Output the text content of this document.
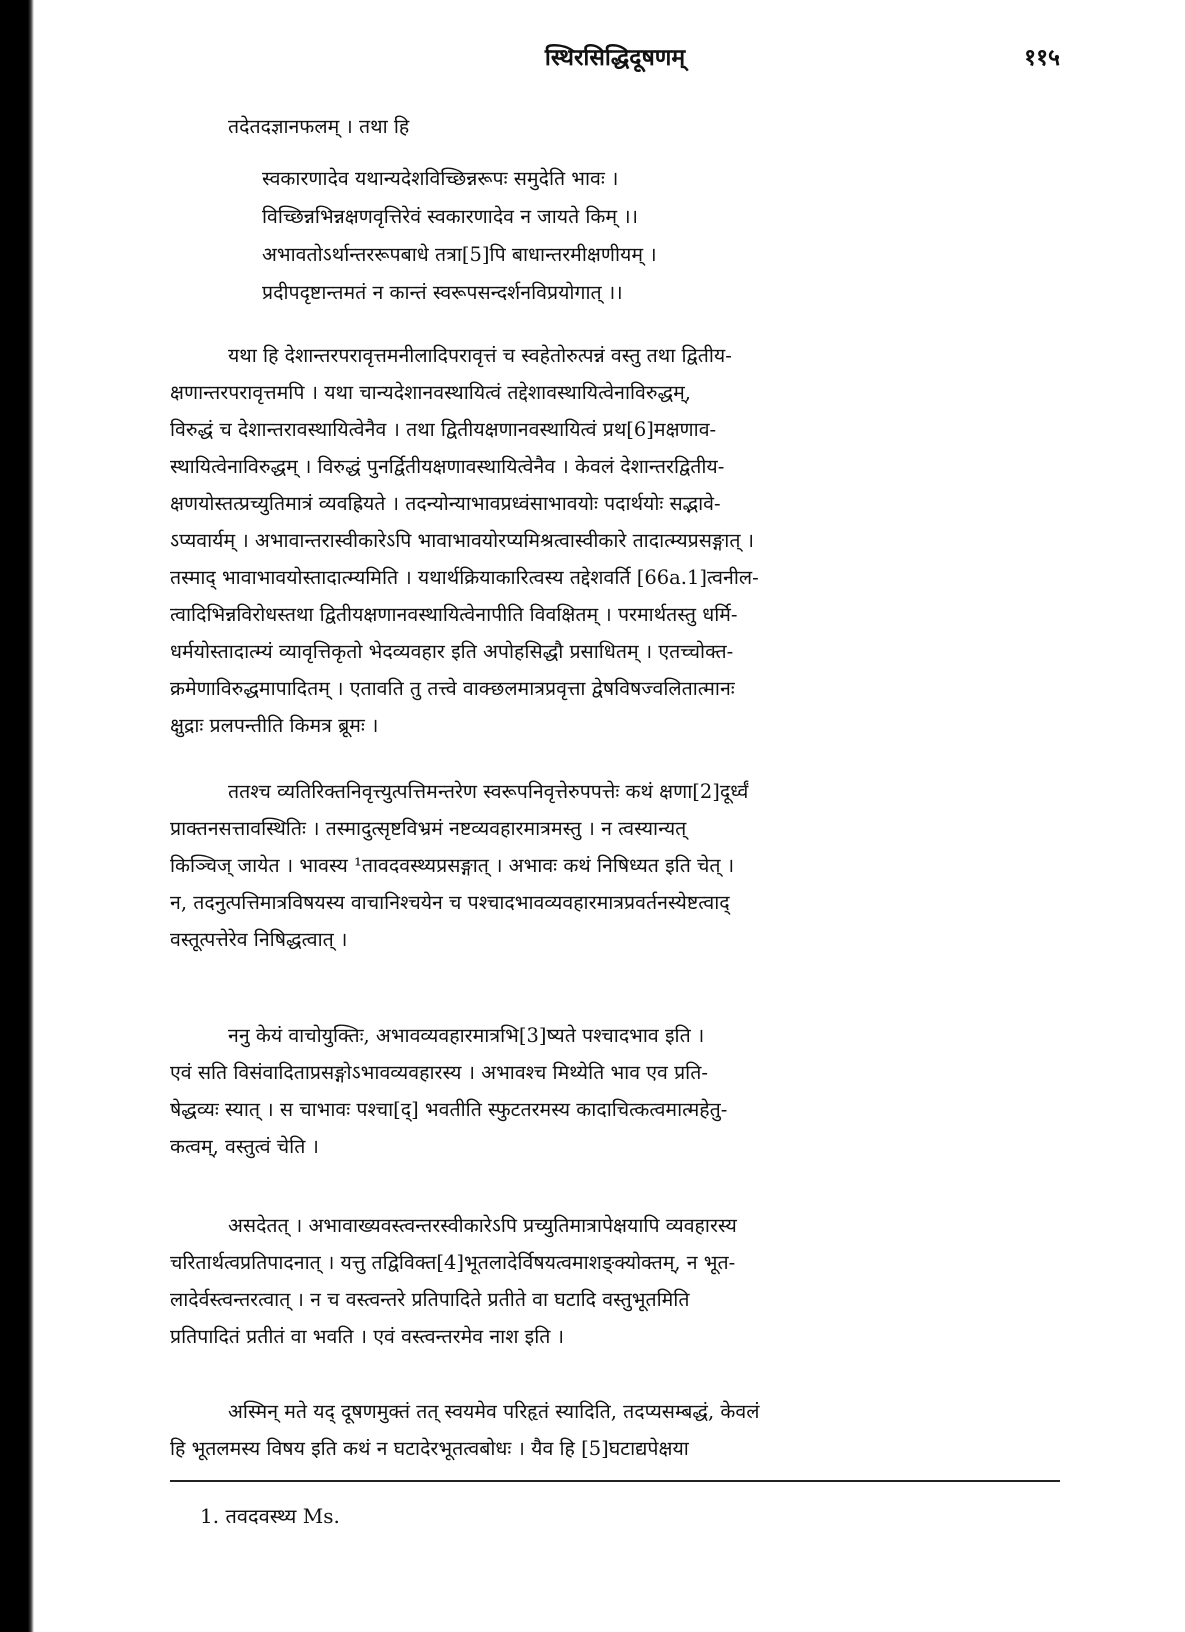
स्थिरसिद्धिदूषणम्	११५
तदेतदज्ञानफलम् । तथा हि
स्वकारणादेव यथान्यदेशविच्छिन्नरूपः समुदेति भावः ।
विच्छिन्नभिन्नक्षणवृत्तिरेवं स्वकारणादेव न जायते किम् ।।
अभावतोऽर्थान्तररूपबाधे तत्रा[5]पि बाधान्तरमीक्षणीयम् ।
प्रदीपदृष्टान्तमतं न कान्तं स्वरूपसन्दर्शनविप्रयोगात् ।।
यथा हि देशान्तरपरावृत्तमनीलादिपरावृत्तं च स्वहेतोरुत्पन्नं वस्तु तथा द्वितीय-
क्षणान्तरपरावृत्तमपि । यथा चान्यदेशानवस्थायित्वं तद्देशावस्थायित्वेनाविरुद्धम्,
विरुद्धं च देशान्तरावस्थायित्वेनैव । तथा द्वितीयक्षणानवस्थायित्वं प्रथ[6]मक्षणाव-
स्थायित्वेनाविरुद्धम् । विरुद्धं पुनर्द्वितीयक्षणावस्थायित्वेनैव । केवलं देशान्तरद्वितीय-
क्षणयोस्तत्प्रच्युतिमात्रं व्यवह्रियते । तदन्योन्याभावप्रध्वंसाभावयोः पदार्थयोः सद्भावे-
ऽप्यवार्यम् । अभावान्तरास्वीकारेऽपि भावाभावयोरप्यमिश्रत्वास्वीकारे तादात्म्यप्रसङ्गात् ।
तस्माद् भावाभावयोस्तादात्म्यमिति । यथार्थक्रियाकारित्वस्य तद्देशवर्ति [66a.1]त्वनील-
त्वादिभिन्नविरोधस्तथा द्वितीयक्षणानवस्थायित्वेनापीति विवक्षितम् । परमार्थतस्तु धर्मि-
धर्मयोस्तादात्म्यं व्यावृत्तिकृतो भेदव्यवहार इति अपोहसिद्धौ प्रसाधितम् । एतच्चोक्त-
क्रमेणाविरुद्धमापादितम् । एतावति तु तत्त्वे वाक्छलमात्रप्रवृत्ता द्वेषविषज्वलितात्मानः
क्षुद्राः प्रलपन्तीति किमत्र ब्रूमः ।
ततश्च व्यतिरिक्तनिवृत्त्युत्पत्तिमन्तरेण स्वरूपनिवृत्तेरुपपत्तेः कथं क्षणा[2]दूर्ध्वं
प्राक्तनसत्तावस्थितिः । तस्मादुत्सृष्टविभ्रमं नष्टव्यवहारमात्रमस्तु । न त्वस्यान्यत्
किञ्चिज् जायेत । भावस्य ¹तावदवस्थ्यप्रसङ्गात् । अभावः कथं निषिध्यत इति चेत् ।
न, तदनुत्पत्तिमात्रविषयस्य वाचानिश्चयेन च पश्चादभावव्यवहारमात्रप्रवर्तनस्येष्टत्वाद्
वस्तूत्पत्तेरेव निषिद्धत्वात् ।
ननु केयं वाचोयुक्तिः, अभावव्यवहारमात्रभि[3]ष्यते पश्चादभाव इति ।
एवं सति विसंवादिताप्रसङ्गोऽभावव्यवहारस्य । अभावश्च मिथ्येति भाव एव प्रति-
षेद्धव्यः स्यात् । स चाभावः पश्चा[द्] भवतीति स्फुटतरमस्य कादाचित्कत्वमात्महेतु-
कत्वम्, वस्तुत्वं चेति ।
असदेतत् । अभावाख्यवस्त्वन्तरस्वीकारेऽपि प्रच्युतिमात्रापेक्षयापि व्यवहारस्य
चरितार्थत्वप्रतिपादनात् । यत्तु तद्विविक्त[4]भूतलादेर्विषयत्वमाशङ्क्योक्तम्, न भूत-
लादेर्वस्त्वन्तरत्वात् । न च वस्त्वन्तरे प्रतिपादिते प्रतीते वा घटादि वस्तुभूतमिति
प्रतिपादितं प्रतीतं वा भवति । एवं वस्त्वन्तरमेव नाश इति ।
अस्मिन् मते यद् दूषणमुक्तं तत् स्वयमेव परिहृतं स्यादिति, तदप्यसम्बद्धं, केवलं
हि भूतलमस्य विषय इति कथं न घटादेरभूतत्वबोधः । यैव हि [5]घटाद्यपेक्षया
1. तवदवस्थ्य Ms.
